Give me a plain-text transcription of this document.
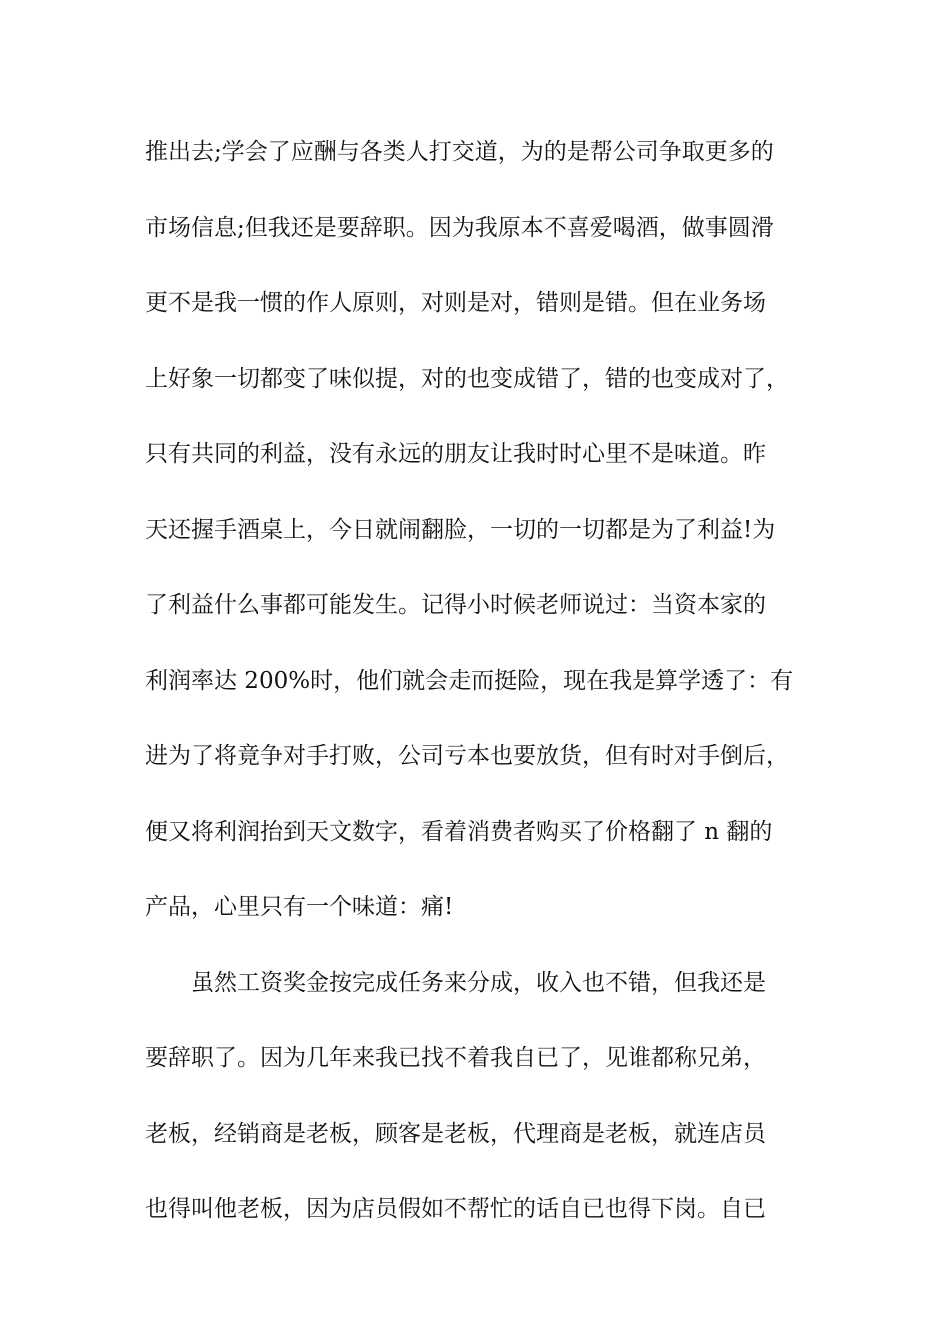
推出去;学会了应酬与各类人打交道，为的是帮公司争取更多的
市场信息;但我还是要辞职。因为我原本不喜爱喝酒，做事圆滑
更不是我一惯的作人原则，对则是对，错则是错。但在业务场
上好象一切都变了味似提，对的也变成错了，错的也变成对了，
只有共同的利益，没有永远的朋友让我时时心里不是味道。昨
天还握手酒桌上，今日就闹翻脸，一切的一切都是为了利益!为
了利益什么事都可能发生。记得小时候老师说过：当资本家的
利润率达 200%时，他们就会走而挺险，现在我是算学透了：有
进为了将竟争对手打败，公司亏本也要放货，但有时对手倒后，
便又将利润抬到天文数字，看着消费者购买了价格翻了 n 翻的
产品，心里只有一个味道：痛!
虽然工资奖金按完成任务来分成，收入也不错，但我还是
要辞职了。因为几年来我已找不着我自已了，见谁都称兄弟，
老板，经销商是老板，顾客是老板，代理商是老板，就连店员
也得叫他老板，因为店员假如不帮忙的话自已也得下岗。自已
